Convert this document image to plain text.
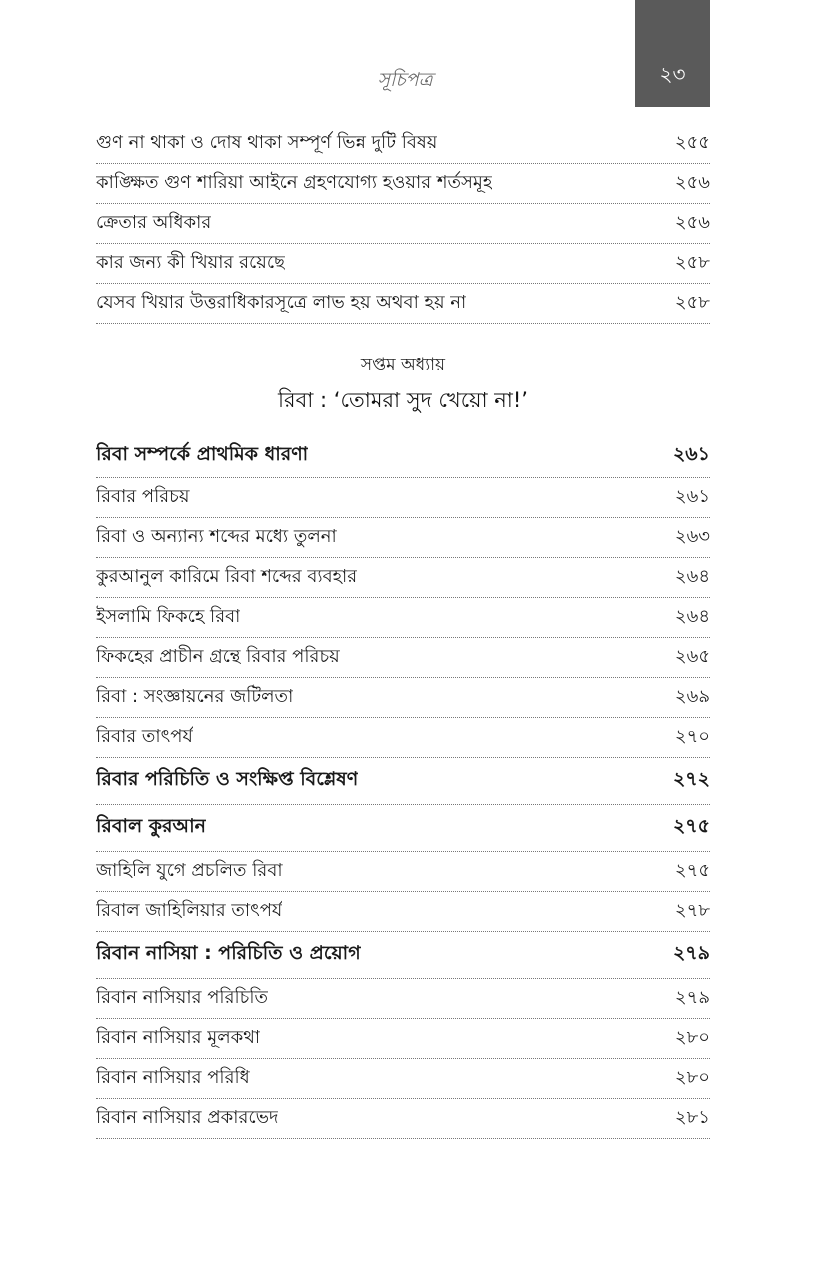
২৩
সূচিপত্র
গুণ না থাকা ও দোষ থাকা সম্পূর্ণ ভিন্ন দুটি বিষয়	২৫৫
কাঙ্ক্ষিত গুণ শারিয়া আইনে গ্রহণযোগ্য হওয়ার শর্তসমূহ	২৫৬
ক্রেতার অধিকার	২৫৬
কার জন্য কী খিয়ার রয়েছে	২৫৮
যেসব খিয়ার উত্তরাধিকারসূত্রে লাভ হয় অথবা হয় না	২৫৮
সপ্তম অধ্যায়
রিবা : ‘তোমরা সুদ খেয়ো না!’
রিবা সম্পর্কে প্রাথমিক ধারণা	২৬১
রিবার পরিচয়	২৬১
রিবা ও অন্যান্য শব্দের মধ্যে তুলনা	২৬৩
কুরআনুল কারিমে রিবা শব্দের ব্যবহার	২৬৪
ইসলামি ফিকহে রিবা	২৬৪
ফিকহের প্রাচীন গ্রন্থে রিবার পরিচয়	২৬৫
রিবা : সংজ্ঞায়নের জটিলতা	২৬৯
রিবার তাৎপর্য	২৭০
রিবার পরিচিতি ও সংক্ষিপ্ত বিশ্লেষণ	২৭২
রিবাল কুরআন	২৭৫
জাহিলি যুগে প্রচলিত রিবা	২৭৫
রিবাল জাহিলিয়ার তাৎপর্য	২৭৮
রিবান নাসিয়া : পরিচিতি ও প্রয়োগ	২৭৯
রিবান নাসিয়ার পরিচিতি	২৭৯
রিবান নাসিয়ার মূলকথা	২৮০
রিবান নাসিয়ার পরিধি	২৮০
রিবান নাসিয়ার প্রকারভেদ	২৮১
